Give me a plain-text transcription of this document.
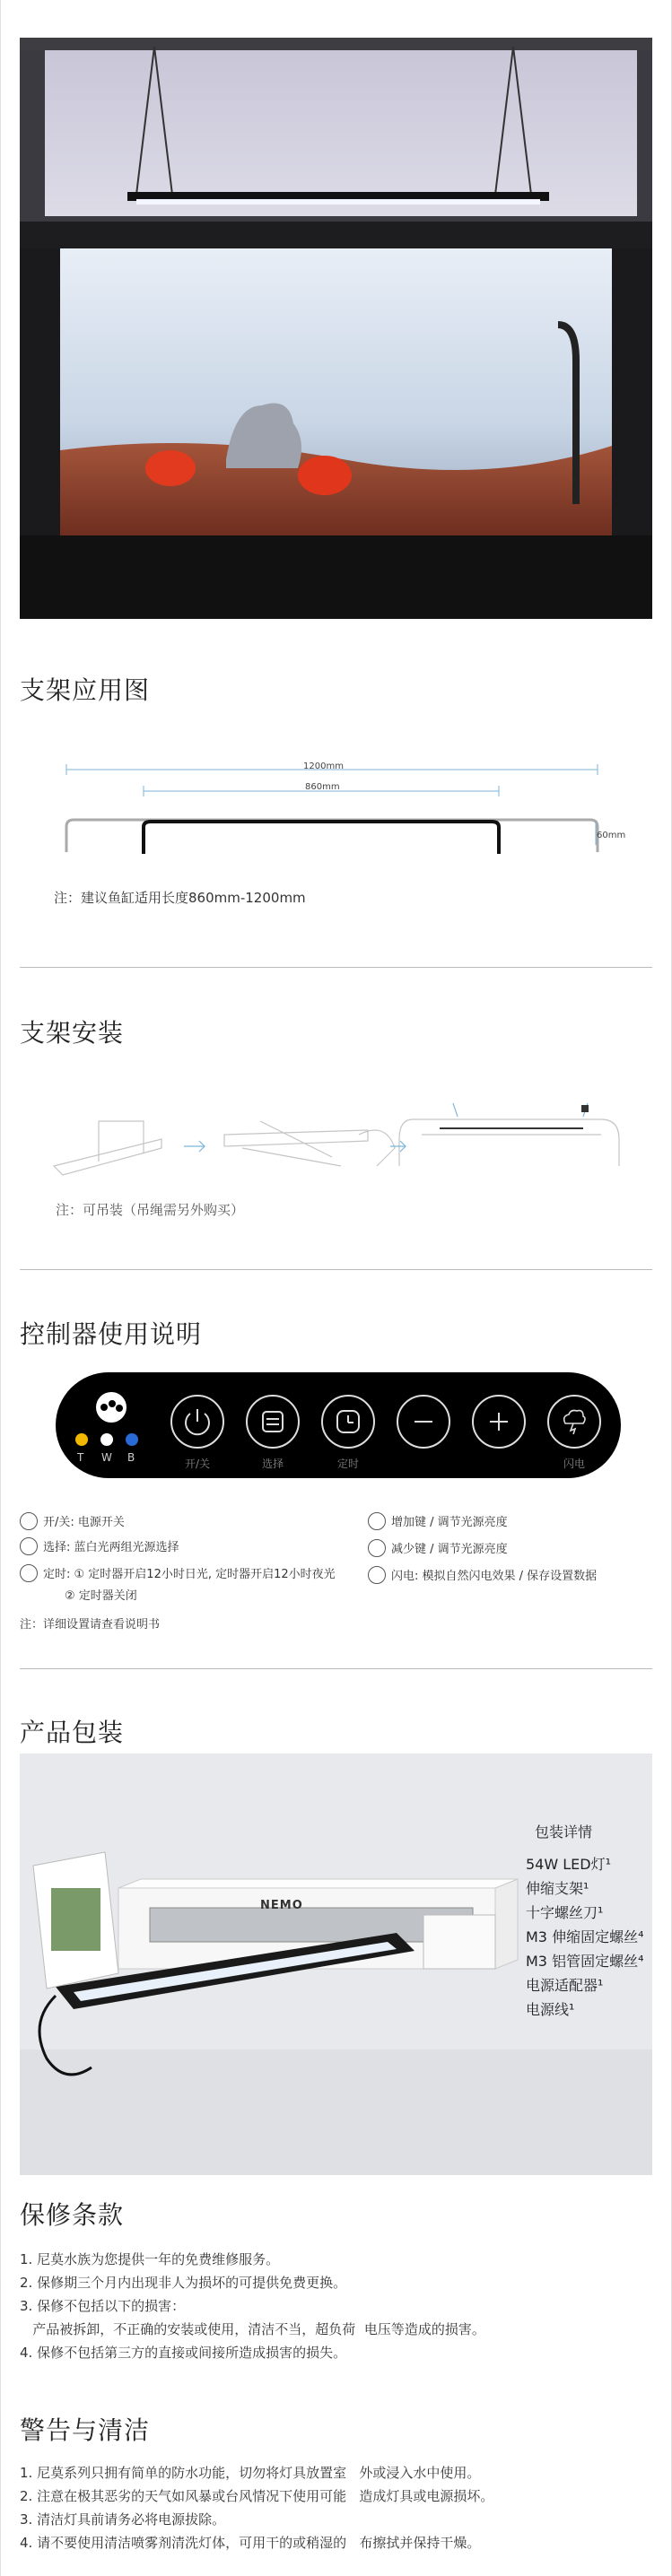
支架应用图
1200mm
860mm
60mm
注：建议鱼缸适用长度860mm-1200mm
支架安装
注：可吊装（吊绳需另外购买）
控制器使用说明
T W B	开/关	选择	定时	闪电
开/关: 电源开关
选择: 蓝白光两组光源选择
定时: ① 定时器开启12小时日光, 定时器开启12小时夜光
② 定时器关闭
增加键 / 调节光源亮度
减少键 / 调节光源亮度
闪电: 模拟自然闪电效果 / 保存设置数据
注：详细设置请查看说明书
产品包装
NEMO
包装详情
54W LED灯¹
伸缩支架¹
十字螺丝刀¹
M3 伸缩固定螺丝⁴
M3 铝管固定螺丝⁴
电源适配器¹
电源线¹
保修条款
1. 尼莫水族为您提供一年的免费维修服务。
2. 保修期三个月内出现非人为损坏的可提供免费更换。
3. 保修不包括以下的损害：
产品被拆卸，不正确的安装或使用，清洁不当，超负荷  电压等造成的损害。
4. 保修不包括第三方的直接或间接所造成损害的损失。
警告与清洁
1. 尼莫系列只拥有简单的防水功能，切勿将灯具放置室   外或浸入水中使用。
2. 注意在极其恶劣的天气如风暴或台风情况下使用可能   造成灯具或电源损坏。
3. 清洁灯具前请务必将电源拔除。
4. 请不要使用清洁喷雾剂清洗灯体，可用干的或稍湿的   布擦拭并保持干燥。
